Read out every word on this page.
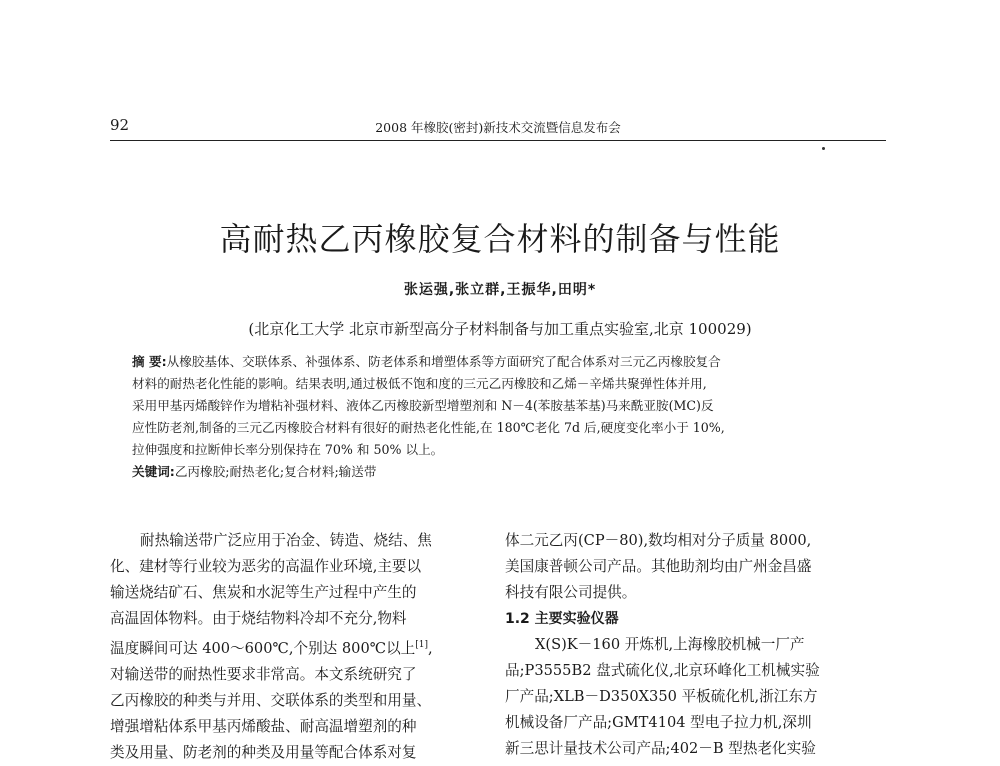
92	2008 年橡胶(密封)新技术交流暨信息发布会
高耐热乙丙橡胶复合材料的制备与性能
张运强,张立群,王振华,田明*
(北京化工大学 北京市新型高分子材料制备与加工重点实验室,北京 100029)
摘 要:从橡胶基体、交联体系、补强体系、防老体系和增塑体系等方面研究了配合体系对三元乙丙橡胶复合
材料的耐热老化性能的影响。结果表明,通过极低不饱和度的三元乙丙橡胶和乙烯－辛烯共聚弹性体并用,
采用甲基丙烯酸锌作为增粘补强材料、液体乙丙橡胶新型增塑剂和 N－4(苯胺基苯基)马来酰亚胺(MC)反
应性防老剂,制备的三元乙丙橡胶合材料有很好的耐热老化性能,在 180℃老化 7d 后,硬度变化率小于 10%,
拉伸强度和拉断伸长率分别保持在 70% 和 50% 以上。
关键词:乙丙橡胶;耐热老化;复合材料;输送带
耐热输送带广泛应用于冶金、铸造、烧结、焦
化、建材等行业较为恶劣的高温作业环境,主要以
输送烧结矿石、焦炭和水泥等生产过程中产生的
高温固体物料。由于烧结物料冷却不充分,物料
温度瞬间可达 400～600℃,个别达 800℃以上[1],
对输送带的耐热性要求非常高。本文系统研究了
乙丙橡胶的种类与并用、交联体系的类型和用量、
增强增粘体系甲基丙烯酸盐、耐高温增塑剂的种
类及用量、防老剂的种类及用量等配合体系对复
体二元乙丙(CP－80),数均相对分子质量 8000,
美国康普顿公司产品。其他助剂均由广州金昌盛
科技有限公司提供。
1.2 主要实验仪器
X(S)K－160 开炼机,上海橡胶机械一厂产
品;P3555B2 盘式硫化仪,北京环峰化工机械实验
厂产品;XLB－D350X350 平板硫化机,浙江东方
机械设备厂产品;GMT4104 型电子拉力机,深圳
新三思计量技术公司产品;402－B 型热老化实验
